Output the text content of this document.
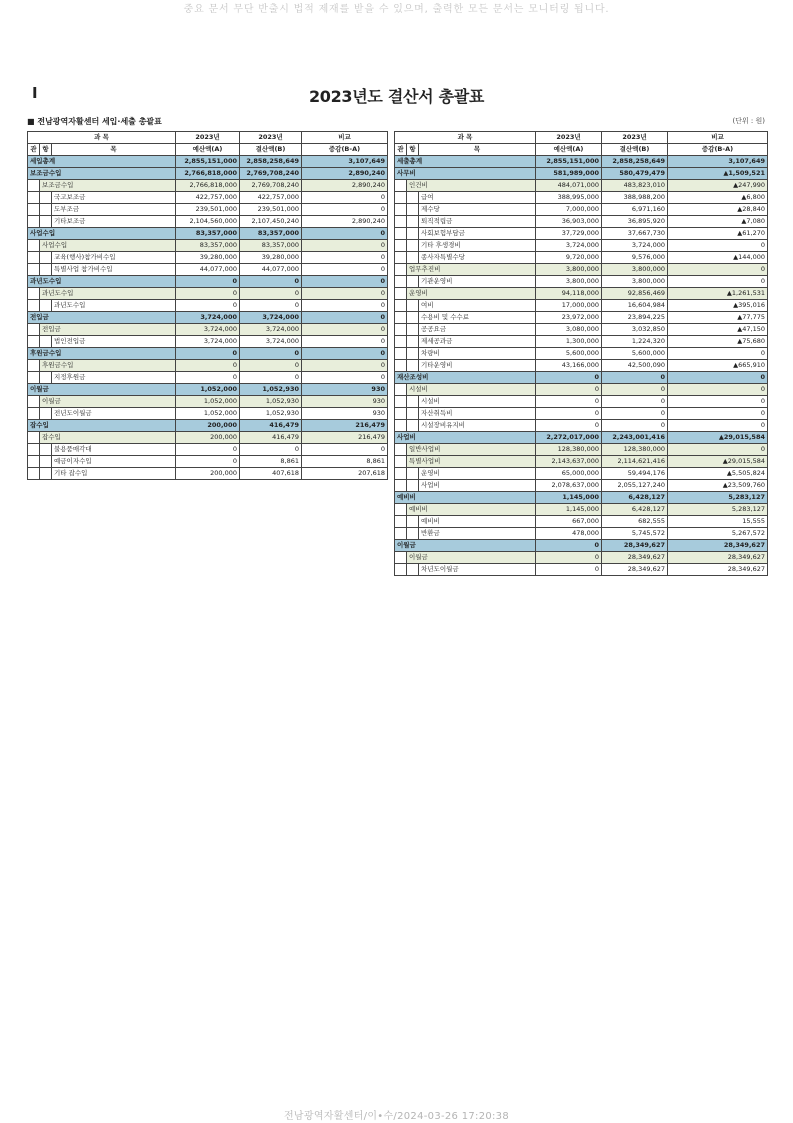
중요 문서 무단 반출시 법적 제재를 받을 수 있으며, 출력한 모든 문서는 모니터링 됩니다.
I	2023년도 결산서 총괄표
■ 전남광역자활센터 세입·세출 총괄표	(단위 : 원)
과 목			2023년	2023년	비교
관	항	목	예산액(A)	결산액(B)	증감(B-A)
세입총계			2,855,151,000	2,858,258,649	3,107,649
보조금수입			2,766,818,000	2,769,708,240	2,890,240
	보조금수입		2,766,818,000	2,769,708,240	2,890,240
		국고보조금	422,757,000	422,757,000	0
		도부조금	239,501,000	239,501,000	0
		기타보조금	2,104,560,000	2,107,450,240	2,890,240
사업수입			83,357,000	83,357,000	0
	사업수입		83,357,000	83,357,000	0
		교육(행사)참가비수입	39,280,000	39,280,000	0
		특별사업 참가비수입	44,077,000	44,077,000	0
과년도수입			0	0	0
	과년도수입		0	0	0
		과년도수입	0	0	0
전입금			3,724,000	3,724,000	0
	전입금		3,724,000	3,724,000	0
		법인전입금	3,724,000	3,724,000	0
후원금수입			0	0	0
	후원금수입		0	0	0
		지정후원금	0	0	0
이월금			1,052,000	1,052,930	930
	이월금		1,052,000	1,052,930	930
		전년도이월금	1,052,000	1,052,930	930
잡수입			200,000	416,479	216,479
	잡수입		200,000	416,479	216,479
		불용품매각대	0	0	0
		예금이자수입	0	8,861	8,861
		기타 잡수입	200,000	407,618	207,618
과 목			2023년	2023년	비교
관	항	목	예산액(A)	결산액(B)	증감(B-A)
세출총계			2,855,151,000	2,858,258,649	3,107,649
사무비			581,989,000	580,479,479	▲1,509,521
	인건비		484,071,000	483,823,010	▲247,990
		급여	388,995,000	388,988,200	▲6,800
		제수당	7,000,000	6,971,160	▲28,840
		퇴직적립금	36,903,000	36,895,920	▲7,080
		사회보험부담금	37,729,000	37,667,730	▲61,270
		기타 후생경비	3,724,000	3,724,000	0
		종사자특별수당	9,720,000	9,576,000	▲144,000
	업무추진비		3,800,000	3,800,000	0
		기관운영비	3,800,000	3,800,000	0
	운영비		94,118,000	92,856,469	▲1,261,531
		여비	17,000,000	16,604,984	▲395,016
		수용비 및 수수료	23,972,000	23,894,225	▲77,775
		공공요금	3,080,000	3,032,850	▲47,150
		제세공과금	1,300,000	1,224,320	▲75,680
		차량비	5,600,000	5,600,000	0
		기타운영비	43,166,000	42,500,090	▲665,910
재산조성비			0	0	0
	시설비		0	0	0
		시설비	0	0	0
		자산취득비	0	0	0
		시설장비유지비	0	0	0
사업비			2,272,017,000	2,243,001,416	▲29,015,584
	일반사업비		128,380,000	128,380,000	0
	특별사업비		2,143,637,000	2,114,621,416	▲29,015,584
		운영비	65,000,000	59,494,176	▲5,505,824
		사업비	2,078,637,000	2,055,127,240	▲23,509,760
예비비			1,145,000	6,428,127	5,283,127
	예비비		1,145,000	6,428,127	5,283,127
		예비비	667,000	682,555	15,555
		반환금	478,000	5,745,572	5,267,572
이월금			0	28,349,627	28,349,627
	이월금		0	28,349,627	28,349,627
		차년도이월금	0	28,349,627	28,349,627
전남광역자활센터/이•수/2024-03-26 17:20:38
